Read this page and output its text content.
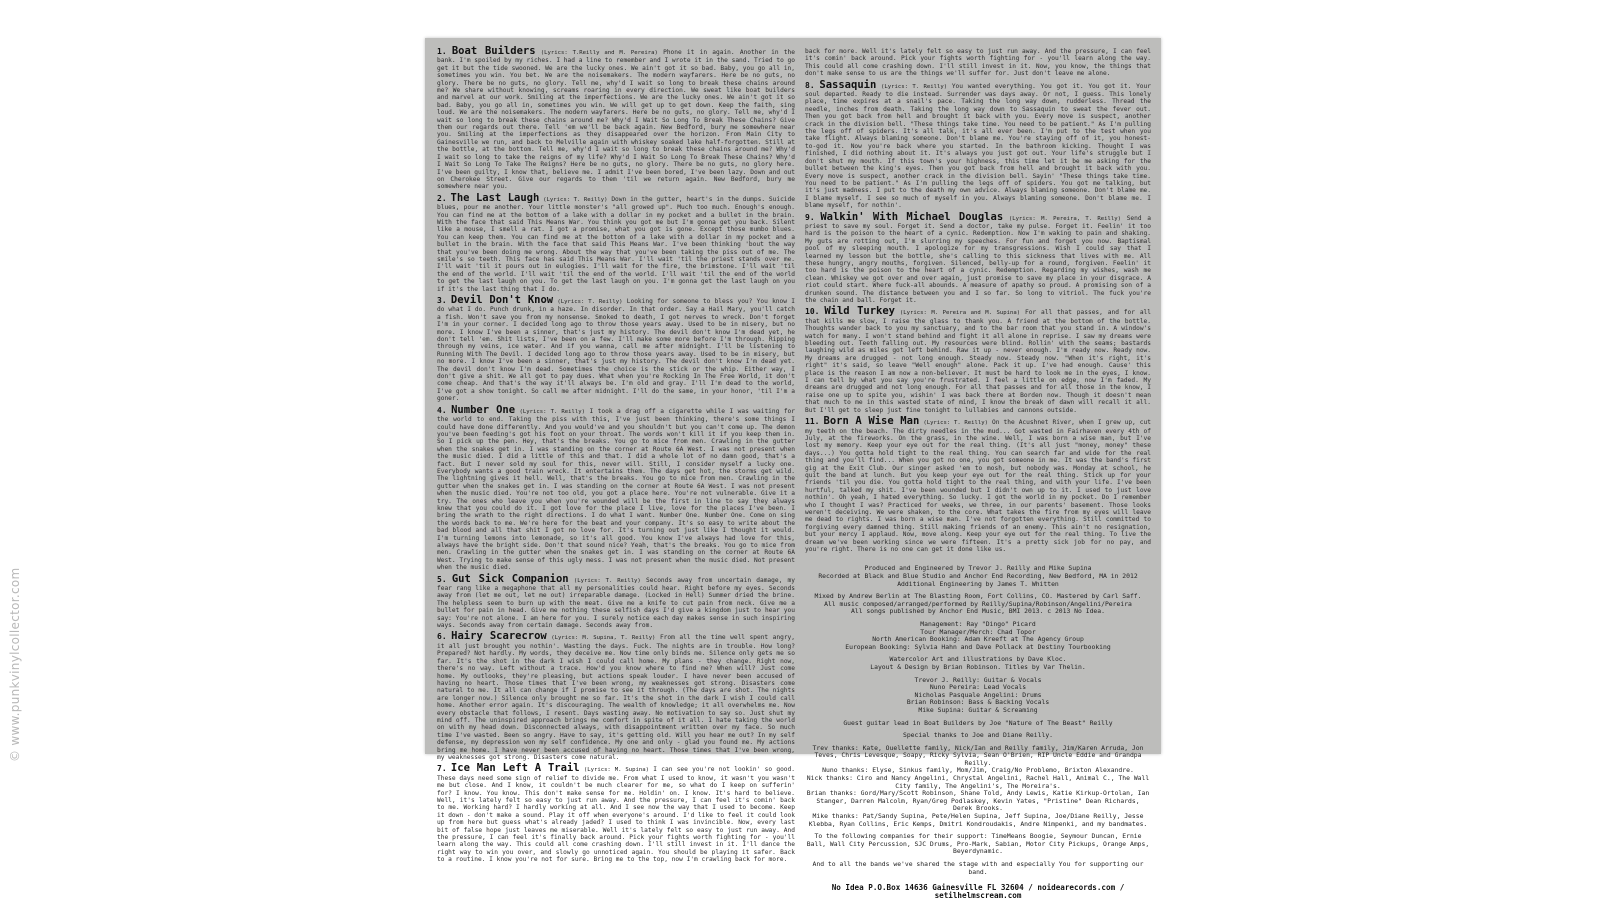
© www.punkvinylcollector.com
1. Boat Builders (Lyrics: T.Reilly and M. Pereira) Phone it in again. Another in the bank. I'm spoiled by my riches. I had a line to remember and I wrote it in the sand. Tried to go get it but the tide swooned. We are the lucky ones. We ain't got it so bad. Baby, you go all in, sometimes you win. You bet. We are the noisemakers. The modern wayfarers. Here be no guts, no glory. There be no guts, no glory. Tell me, why'd I wait so long to break these chains around me? We share without knowing, screams roaring in every direction. We sweat like boat builders and marvel at our work. Smiling at the imperfections. We are the lucky ones. We ain't got it so bad. Baby, you go all in, sometimes you win. We will get up to get down. Keep the faith, sing loud. We are the noisemakers. The modern wayfarers. Here be no guts, no glory. Tell me, why'd I wait so long to break these chains around me? Why'd I Wait So Long To Break These Chains? Give them our regards out there. Tell 'em we'll be back again. New Bedford, bury me somewhere near you. Smiling at the imperfections as they disappeared over the horizon. From Main City to Gainesville we run, and back to Melville again with whiskey soaked lake half-forgotten. Still at the bottle, at the bottom. Tell me, why'd I wait so long to break these chains around me? Why'd I wait so long to take the reigns of my life? Why'd I Wait So Long To Break These Chains? Why'd I Wait So Long To Take The Reigns? Here be no guts, no glory. There be no guts, no glory here. I've been guilty, I know that, believe me. I admit I've been bored, I've been lazy. Down and out on Cherokee Street. Give our regards to them 'til we return again. New Bedford, bury me somewhere near you.
2. The Last Laugh (Lyrics: T. Reilly) Down in the gutter, heart's in the dumps. Suicide blues, pour me another. Your little monster's "all growed up". Much too much. Enough's enough. You can find me at the bottom of a lake with a dollar in my pocket and a bullet in the brain. With the face that said This Means War. You think you got me but I'm gonna get you back. Silent like a mouse, I smell a rat. I got a promise, what you got is gone. Except those mumbo blues. You can keep them. You can find me at the bottom of a lake with a dollar in my pocket and a bullet in the brain. With the face that said This Means War. I've been thinking 'bout the way that you've been doing me wrong. About the way that you've been taking the piss out of me. The smile's so teeth. This face has said This Means War. I'll wait 'til the priest stands over me. I'll wait 'til it pours out in eulogies. I'll wait for the fire, the brimstone. I'll wait 'til the end of the world. I'll wait 'til the end of the world. I'll wait 'til the end of the world to get the last laugh on you. To get the last laugh on you. I'm gonna get the last laugh on you if it's the last thing that I do.
3. Devil Don't Know (Lyrics: T. Reilly) Looking for someone to bless you? You know I do what I do. Punch drunk, in a haze. In disorder. In that order. Say a Hail Mary, you'll catch a fish. Won't save you from my nonsense. Smoked to death, I got nerves to wreck. Don't forget I'm in your corner. I decided long ago to throw those years away. Used to be in misery, but no more. I know I've been a sinner, that's just my history. The devil don't know I'm dead yet, he don't tell 'em. Shit lists, I've been on a few. I'll make some more before I'm through. Ripping through my veins, ice water. And if you wanna, call me after midnight. I'll be listening to Running With The Devil. I decided long ago to throw those years away. Used to be in misery, but no more. I know I've been a sinner, that's just my history. The devil don't know I'm dead yet. The devil don't know I'm dead. Sometimes the choice is the stick or the whip. Either way, I don't give a shit. We all got to pay dues. What when you're Rocking In The Free World, it don't come cheap. And that's the way it'll always be. I'm old and gray. I'll I'm dead to the world, I've got a show tonight. So call me after midnight. I'll do the same, in your honor, 'til I'm a goner.
4. Number One (Lyrics: T. Reilly) I took a drag off a cigarette while I was waiting for the world to end. Taking the piss with this, I've just been thinking, there's some things I could have done differently. And you would've and you shouldn't but you can't come up. The demon you've been feeding's got his foot on your throat. The words won't kill it if you keep them in. So I pick up the pen. Hey, that's the breaks. You go to mice from men. Crawling in the gutter when the snakes get in. I was standing on the corner at Route 6A West. I was not present when the music died. I did a little of this and that. I did a whole lot of no damn good, that's a fact. But I never sold my soul for this, never will. Still, I consider myself a lucky one. Everybody wants a good train wreck. It entertains them. The days get hot, the storms get wild. The lightning gives it hell. Well, that's the breaks. You go to mice from men. Crawling in the gutter when the snakes get in. I was standing on the corner at Route 6A West. I was not present when the music died. You're not too old, you got a place here. You're not vulnerable. Give it a try. The ones who leave you when you're wounded will be the first in line to say they always knew that you could do it. I got love for the place I live, love for the places I've been. I bring the wrath to the right directions. I do what I want. Number One. Number One. Come on sing the words back to me. We're here for the beat and your company. It's so easy to write about the bad blood and all that shit I got no love for. It's turning out just like I thought it would. I'm turning lemons into lemonade, so it's all good. You know I've always had love for this, always have the bright side. Don't that sound nice? Yeah, that's the breaks. You go to mice from men. Crawling in the gutter when the snakes get in. I was standing on the corner at Route 6A West. Trying to make sense of this ugly mess. I was not present when the music died. Not present when the music died.
5. Gut Sick Companion (Lyrics: T. Reilly) Seconds away from uncertain damage, my fear rang like a megaphone that all my personalities could hear. Right before my eyes. Seconds away from (let me out, let me out) irreparable damage. (Locked in Hell) Summer dried the brine. The helpless seem to burn up with the meat. Give me a knife to cut pain from neck. Give me a bullet for pain in head. Give me nothing these selfish days I'd give a kingdom just to hear you say: You're not alone. I am here for you. I surely notice each day makes sense in such inspiring ways. Seconds away from certain damage. Seconds away from.
6. Hairy Scarecrow (Lyrics: M. Supina, T. Reilly) From all the time well spent angry, it all just brought you nothin'. Wasting the days. Fuck. The nights are in trouble. How long? Prepared? Not hardly. My words, they deceive me. Now time only binds me. Silence only gets me so far. It's the shot in the dark I wish I could call home. My plans - they change. Right now, there's no way. Left without a trace. How'd you know where to find me? When will? Just come home. My outlooks, they're pleasing, but actions speak louder. I have never been accused of having no heart. Those times that I've been wrong, my weaknesses got strong. Disasters come natural to me. It all can change if I promise to see it through. (The days are shot. The nights are longer now.) Silence only brought me so far. It's the shot in the dark I wish I could call home. Another error again. It's discouraging. The wealth of knowledge; it all overwhelms me. Now every obstacle that follows, I resent. Days wasting away. No motivation to say so. Just shut my mind off. The uninspired approach brings me comfort in spite of it all. I hate taking the world on with my head down. Disconnected always, with disappointment written over my face. So much time I've wasted. Been so angry. Have to say, it's getting old. Will you hear me out? In my self defense, my depression won my self confidence. My one and only - glad you found me. My actions bring me home. I have never been accused of having no heart. Those times that I've been wrong, my weaknesses got strong. Disasters come natural.
7. Ice Man Left A Trail (Lyrics: M. Supina) I can see you're not lookin' so good. These days need some sign of relief to divide me. From what I used to know, it wasn't you wasn't me but close. And I know, it couldn't be much clearer for me, so what do I keep on sufferin' for? I know. You know. This don't make sense for me. Holdin' on. I know. It's hard to believe. Well, it's lately felt so easy to just run away. And the pressure, I can feel it's comin' back to me. Working hard? I hardly working at all. And I see now the way that I used to become. Keep it down - don't make a sound. Play it off when everyone's around. I'd like to feel it could look up from here but guess what's already jaded? I used to think I was invincible. Now, every last bit of false hope just leaves me miserable. Well it's lately felt so easy to just run away. And the pressure, I can feel it's finally back around. Pick your fights worth fighting for - you'll learn along the way. This could all come crashing down. I'll still invest in it. I'll dance the right way to win you over, and slowly go unnoticed again. You should be playing it safer. Back to a routine. I know you're not for sure. Bring me to the top, now I'm crawling back for more.
back for more. Well it's lately felt so easy to just run away. And the pressure, I can feel it's comin' back around. Pick your fights worth fighting for - you'll learn along the way. This could all come crashing down. I'll still invest in it. Now, you know, the things that don't make sense to us are the things we'll suffer for. Just don't leave me alone.
8. Sassaquin (Lyrics: T. Reilly) You wanted everything. You got it. You got it. Your soul departed. Ready to die instead. Surrender was days away. Or not, I guess. This lonely place, time expires at a snail's pace. Taking the long way down, rudderless. Thread the needle, inches from death. Taking the long way down to Sassaquin to sweat the fever out. Then you got back from hell and brought it back with you. Every move is suspect, another crack in the division bell. "These things take time. You need to be patient." As I'm pulling the legs off of spiders. It's all talk, it's all ever been. I'm put to the test when you take flight. Always blaming someone. Don't blame me. You're staying off of it, you honest-to-god it. Now you're back where you started. In the bathroom kicking. Thought I was finished, I did nothing about it. It's always you just got out. Your life's struggle but I don't shut my mouth. If this town's your highness, this time let it be me asking for the bullet between the king's eyes. Then you got back from hell and brought it back with you. Every move is suspect, another crack in the division bell. Sayin' "These things take time. You need to be patient." As I'm pulling the legs off of spiders. You got me talking, but it's just madness. I put to the death my own advice. Always blaming someone. Don't blame me. I blame myself. I see so much of myself in you. Always blaming someone. Don't blame me. I blame myself, for nothin'.
9. Walkin' With Michael Douglas (Lyrics: M. Pereira, T. Reilly) Send a priest to save my soul. Forget it. Send a doctor, take my pulse. Forget it. Feelin' it too hard is the poison to the heart of a cynic. Redemption. Now I'm waking to pain and shaking. My guts are rotting out, I'm slurring my speeches. For fun and forget you now. Baptismal pool of my sleeping mouth. I apologize for my transgressions. Wish I could say that I learned my lesson but the bottle, she's calling to this sickness that lives with me. All these hungry, angry mouths, forgiven. Silenced, belly-up for a round, forgiven. Feelin' it too hard is the poison to the heart of a cynic. Redemption. Regarding my wishes, wash me clean. Whiskey we got over and over again, just promise to save my place in your disgrace. A riot could start. Where fuck-all abounds. A measure of apathy so proud. A promising son of a drunken sound. The distance between you and I so far. So long to vitriol. The fuck you're the chain and ball. Forget it.
10. Wild Turkey (Lyrics: M. Pereira and M. Supina) For all that passes, and for all that kills me slow, I raise the glass to thank you. A friend at the bottom of the bottle. Thoughts wander back to you my sanctuary, and to the bar room that you stand in. A window's watch for many. I won't stand behind and fight it all alone in reprise. I saw my dreams were bleeding out. Teeth falling out. My resources were blind. Rollin' with the seams; bastards laughing wild as miles got left behind. Raw it up - never enough. I'm ready now. Ready now. My dreams are drugged - not long enough. Steady now. Steady now. "When it's right, it's right" it's said, so leave "Well enough" alone. Pack it up. I've had enough. Cause' this place is the reason I am now a non-believer. It must be hard to look me in the eyes, I know. I can tell by what you say you're frustrated. I feel a little on edge, now I'm faded. My dreams are drugged and not long enough. For all that passes and for all those in the know, I raise one up to spite you, wishin' I was back there at Borden now. Though it doesn't mean that much to me in this wasted state of mind, I know the break of dawn will recall it all. But I'll get to sleep just fine tonight to lullabies and cannons outside.
11. Born A Wise Man (Lyrics: T. Reilly) On the Acushnet River, when I grew up, cut my teeth on the beach. The dirty needles in the mud... Got wasted in Fairhaven every 4th of July, at the fireworks. On the grass, in the wine. Well, I was born a wise man, but I've lost my memory. Keep your eye out for the real thing. (It's all just "money, money" these days...) You gotta hold tight to the real thing. You can search far and wide for the real thing and you'll find... When you got no one, you got someone in me. It was the band's first gig at the Exit Club. Our singer asked 'em to mosh, but nobody was. Monday at school, he quit the band at lunch. But you keep your eye out for the real thing. Stick up for your friends 'til you die. You gotta hold tight to the real thing, and with your life. I've been hurtful, talked my shit. I've been wounded but I didn't own up to it. I used to just love nothin'. Oh yeah, I hated everything. So lucky. I got the world in my pocket. Do I remember who I thought I was? Practiced for weeks, we three, in our parents' basement. Those looks weren't deceiving. We were shaken, to the core. What takes the fire from my eyes will leave me dead to rights. I was born a wise man. I've not forgotten everything. Still committed to forgiving every damned thing. Still making friends of an enemy. This ain't no resignation, but your mercy I applaud. Now, move along. Keep your eye out for the real thing. To live the dream we've been working since we were fifteen. It's a pretty sick job for no pay, and you're right. There is no one can get it done like us.

Produced and Engineered by Trevor J. Reilly and Mike Supina

Recorded at Black and Blue Studio and Anchor End Recording, New Bedford, MA in 2012

Additional Engineering by James T. Whitten

Mixed by Andrew Berlin at The Blasting Room, Fort Collins, CO. Mastered by Carl Saff.

All music composed/arranged/performed by Reilly/Supina/Robinson/Angelini/Pereira

All songs published by Anchor End Music, BMI 2013. c 2013 No Idea.

Management: Ray "Dingo" Picard

Tour Manager/Merch: Chad Topor

North American Booking: Adam Kreeft at The Agency Group

European Booking: Sylvia Hahn and Dave Pollack at Destiny Tourbooking

Watercolor Art and illustrations by Dave Kloc.

Layout & Design by Brian Robinson. Titles by Var Thelin.

Trevor J. Reilly: Guitar & Vocals

Nuno Pereira: Lead Vocals

Nicholas Pasquale Angelini: Drums

Brian Robinson: Bass & Backing Vocals

Mike Supina: Guitar & Screaming

Guest guitar lead in Boat Builders by Joe "Nature of The Beast" Reilly

Special thanks to Joe and Diane Reilly.

Trev thanks: Kate, Ouellette family, Nick/Ian and Reilly family, Jim/Karen Arruda, Jon Teves, Chris Levesque, Soapy, Ricky Sylvia, Sean O'Brien, RIP Uncle Eddie and Grandpa Reilly.

Nuno thanks: Elyse, Sinkus family, Mom/Jim, Craig/No Problemo, Brixton Alexandre.

Nick thanks: Ciro and Nancy Angelini, Chrystal Angelini, Rachel Hall, Animal C., The Wall City family, The Angelini's, The Moreira's.

Brian thanks: Gord/Mary/Scott Robinson, Shane Told, Andy Lewis, Katie Kirkup-Ortolan, Ian Stanger, Darren Malcolm, Ryan/Greg Podlaskey, Kevin Yates, "Pristine" Dean Richards, Derek Brooks.

Mike thanks: Pat/Sandy Supina, Pete/Helen Supina, Jeff Supina, Joe/Diane Reilly, Jesse Klebba, Ryan Collins, Eric Kemps, Dmitri Kondroudakis, Andre Nimpenki, and my bandmates.

To the following companies for their support: TimeMeans Boogie, Seymour Duncan, Ernie Ball, Wall City Percussion, SJC Drums, Pro-Mark, Sabian, Motor City Pickups, Orange Amps, Beyerdynamic.

And to all the bands we've shared the stage with and especially You for supporting our band.

No Idea P.O.Box 14636 Gainesville FL 32604 / noidearecords.com / setilhelmscream.com
